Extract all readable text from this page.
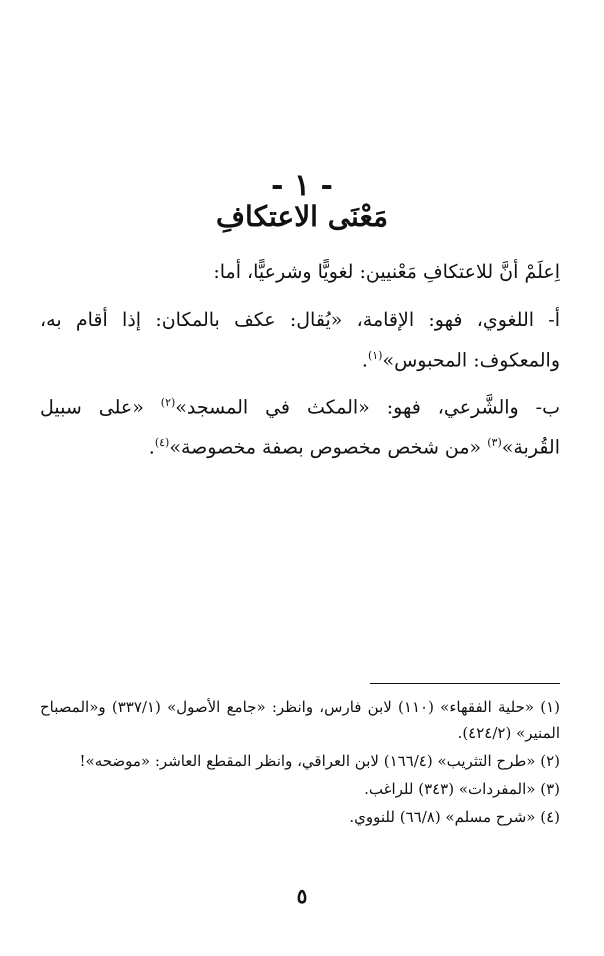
- ١ -
مَعْنَى الاعتكافِ
اِعلَمْ أنَّ للاعتكافِ مَعْنيين: لغويًّا وشرعيًّا، أما:
أ- اللغوي، فهو: الإقامة، «يُقال: عكف بالمكان: إذا أقام به، والمعكوف: المحبوس»$^{(١)}$.
ب- والشَّرعي، فهو: «المكث في المسجد»$^{(٢)}$ «على سبيل القُربة»$^{(٣)}$ «من شخص مخصوص بصفة مخصوصة»$^{(٤)}$.
(١) «حلية الفقهاء» (١١٠) لابن فارس، وانظر: «جامع الأصول» (٣٣٧/١) و«المصباح المنير» (٤٢٤/٢).
(٢) «طرح التثريب» (١٦٦/٤) لابن العراقي، وانظر المقطع العاشر: «موضحه»!
(٣) «المفردات» (٣٤٣) للراغب.
(٤) «شرح مسلم» (٦٦/٨) للنووي.
٥
